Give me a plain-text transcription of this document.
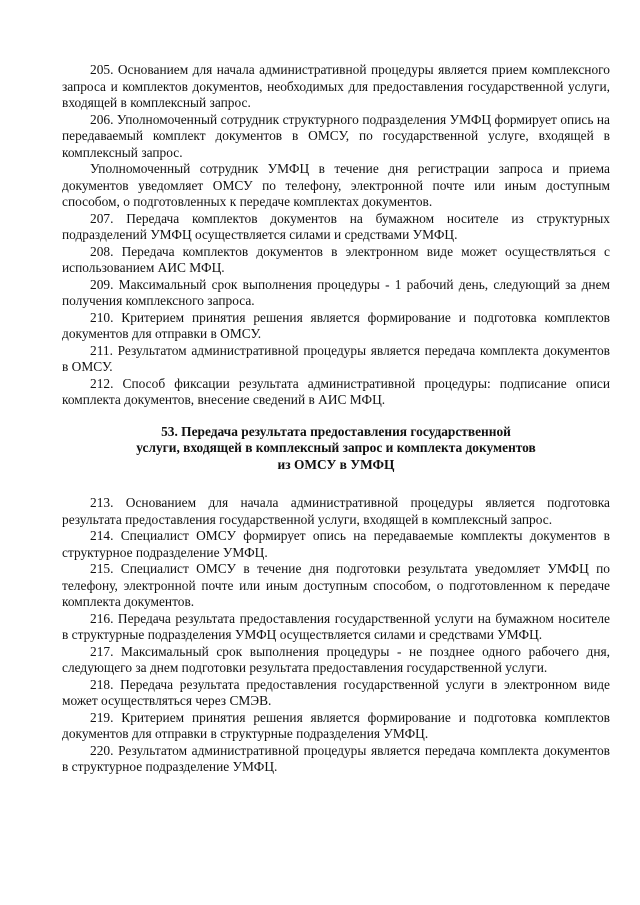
205. Основанием для начала административной процедуры является прием комплексного запроса и комплектов документов, необходимых для предоставления государственной услуги, входящей в комплексный запрос.

206. Уполномоченный сотрудник структурного подразделения УМФЦ формирует опись на передаваемый комплект документов в ОМСУ, по государственной услуге, входящей в комплексный запрос.

Уполномоченный сотрудник УМФЦ в течение дня регистрации запроса и приема документов уведомляет ОМСУ по телефону, электронной почте или иным доступным способом, о подготовленных к передаче комплектах документов.

207. Передача комплектов документов на бумажном носителе из структурных подразделений УМФЦ осуществляется силами и средствами УМФЦ.

208. Передача комплектов документов в электронном виде может осуществляться с использованием АИС МФЦ.

209. Максимальный срок выполнения процедуры - 1 рабочий день, следующий за днем получения комплексного запроса.

210. Критерием принятия решения является формирование и подготовка комплектов документов для отправки в ОМСУ.

211. Результатом административной процедуры является передача комплекта документов в ОМСУ.

212. Способ фиксации результата административной процедуры: подписание описи комплекта документов, внесение сведений в АИС МФЦ.

53. Передача результата предоставления государственной
услуги, входящей в комплексный запрос и комплекта документов
из ОМСУ в УМФЦ

213. Основанием для начала административной процедуры является подготовка результата предоставления государственной услуги, входящей в комплексный запрос.

214. Специалист ОМСУ формирует опись на передаваемые комплекты документов в структурное подразделение УМФЦ.

215. Специалист ОМСУ в течение дня подготовки результата уведомляет УМФЦ по телефону, электронной почте или иным доступным способом, о подготовленном к передаче комплекта документов.

216. Передача результата предоставления государственной услуги на бумажном носителе в структурные подразделения УМФЦ осуществляется силами и средствами УМФЦ.

217. Максимальный срок выполнения процедуры - не позднее одного рабочего дня, следующего за днем подготовки результата предоставления государственной услуги.

218. Передача результата предоставления государственной услуги в электронном виде может осуществляться через СМЭВ.

219. Критерием принятия решения является формирование и подготовка комплектов документов для отправки в структурные подразделения УМФЦ.

220. Результатом административной процедуры является передача комплекта документов в структурное подразделение УМФЦ.
